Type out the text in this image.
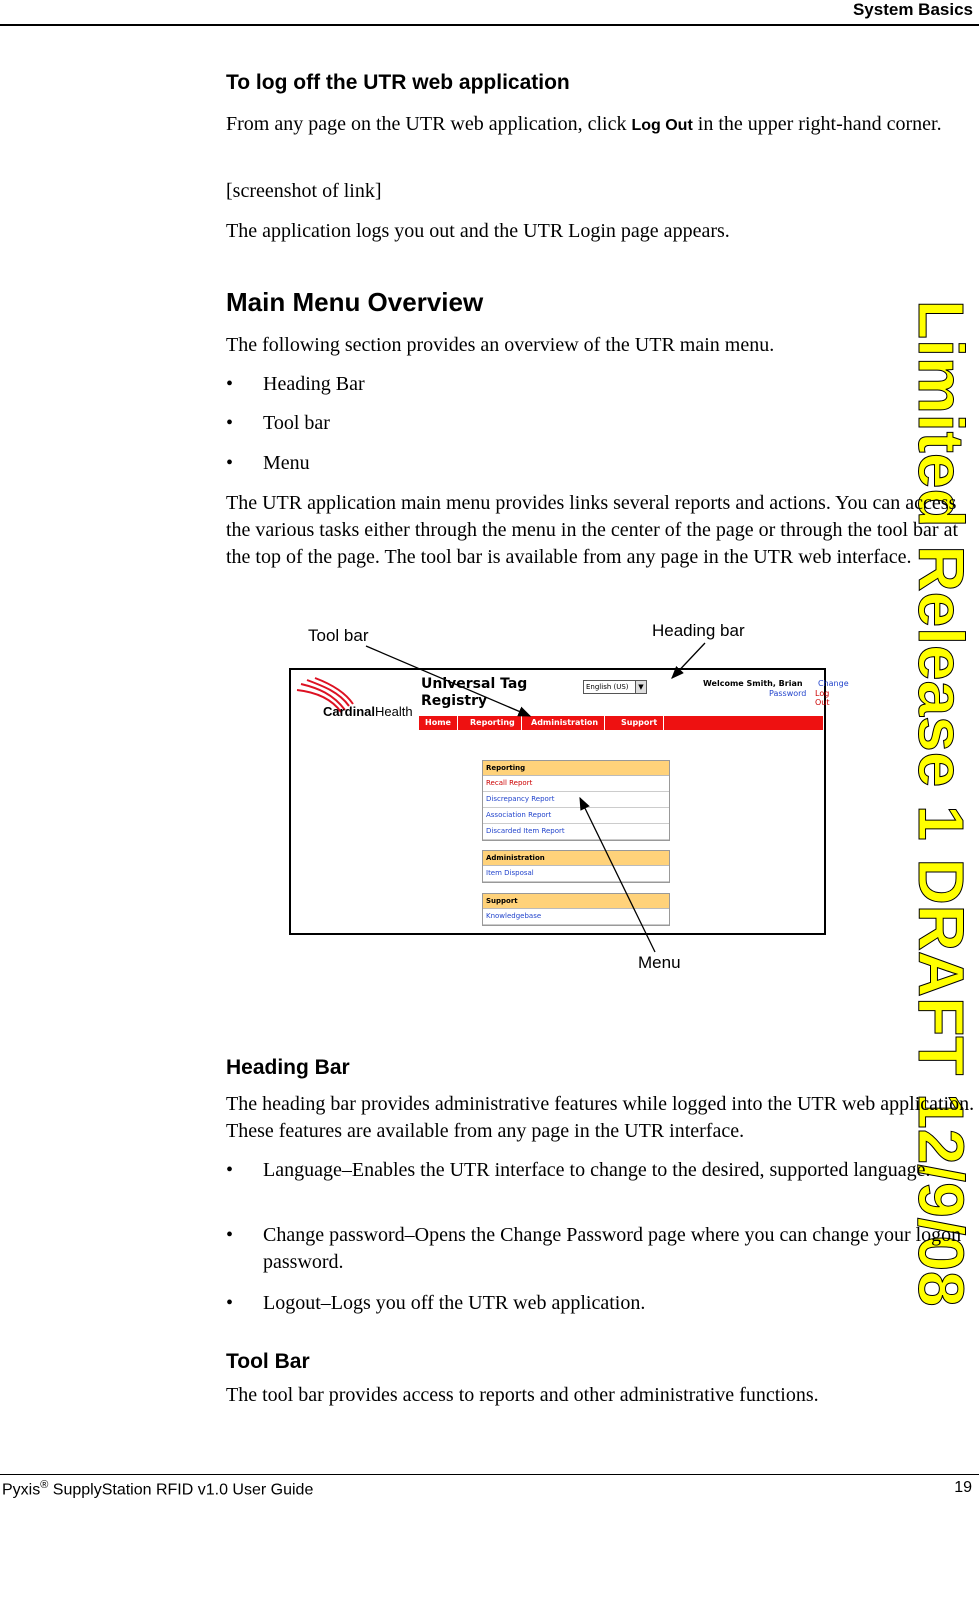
System Basics
Limited Release 1 DRAFT 12/9/08
To log off the UTR web application
From any page on the UTR web application, click Log Out in the upper right-hand corner.
[screenshot of link]
The application logs you out and the UTR Login page appears.
Main Menu Overview
The following section provides an overview of the UTR main menu.
• Heading Bar
• Tool bar
• Menu
The UTR application main menu provides links several reports and actions. You can access the various tasks either through the menu in the center of the page or through the tool bar at the top of the page. The tool bar is available from any page in the UTR web interface.
Tool bar	Heading bar
Menu
CardinalHealth
Universal Tag
Registry
English (US)	▼	Welcome Smith, Brian Change
Password Log Out
Home	Reporting	Administration	Support
Reporting
Recall Report
Discrepancy Report
Association Report
Discarded Item Report
Administration
Item Disposal
Support
Knowledgebase
Heading Bar
The heading bar provides administrative features while logged into the UTR web application. These features are available from any page in the UTR interface.
• Language–Enables the UTR interface to change to the desired, supported language.
• Change password–Opens the Change Password page where you can change your logon password.
• Logout–Logs you off the UTR web application.
Tool Bar
The tool bar provides access to reports and other administrative functions.
Pyxis® SupplyStation RFID v1.0 User Guide	19
